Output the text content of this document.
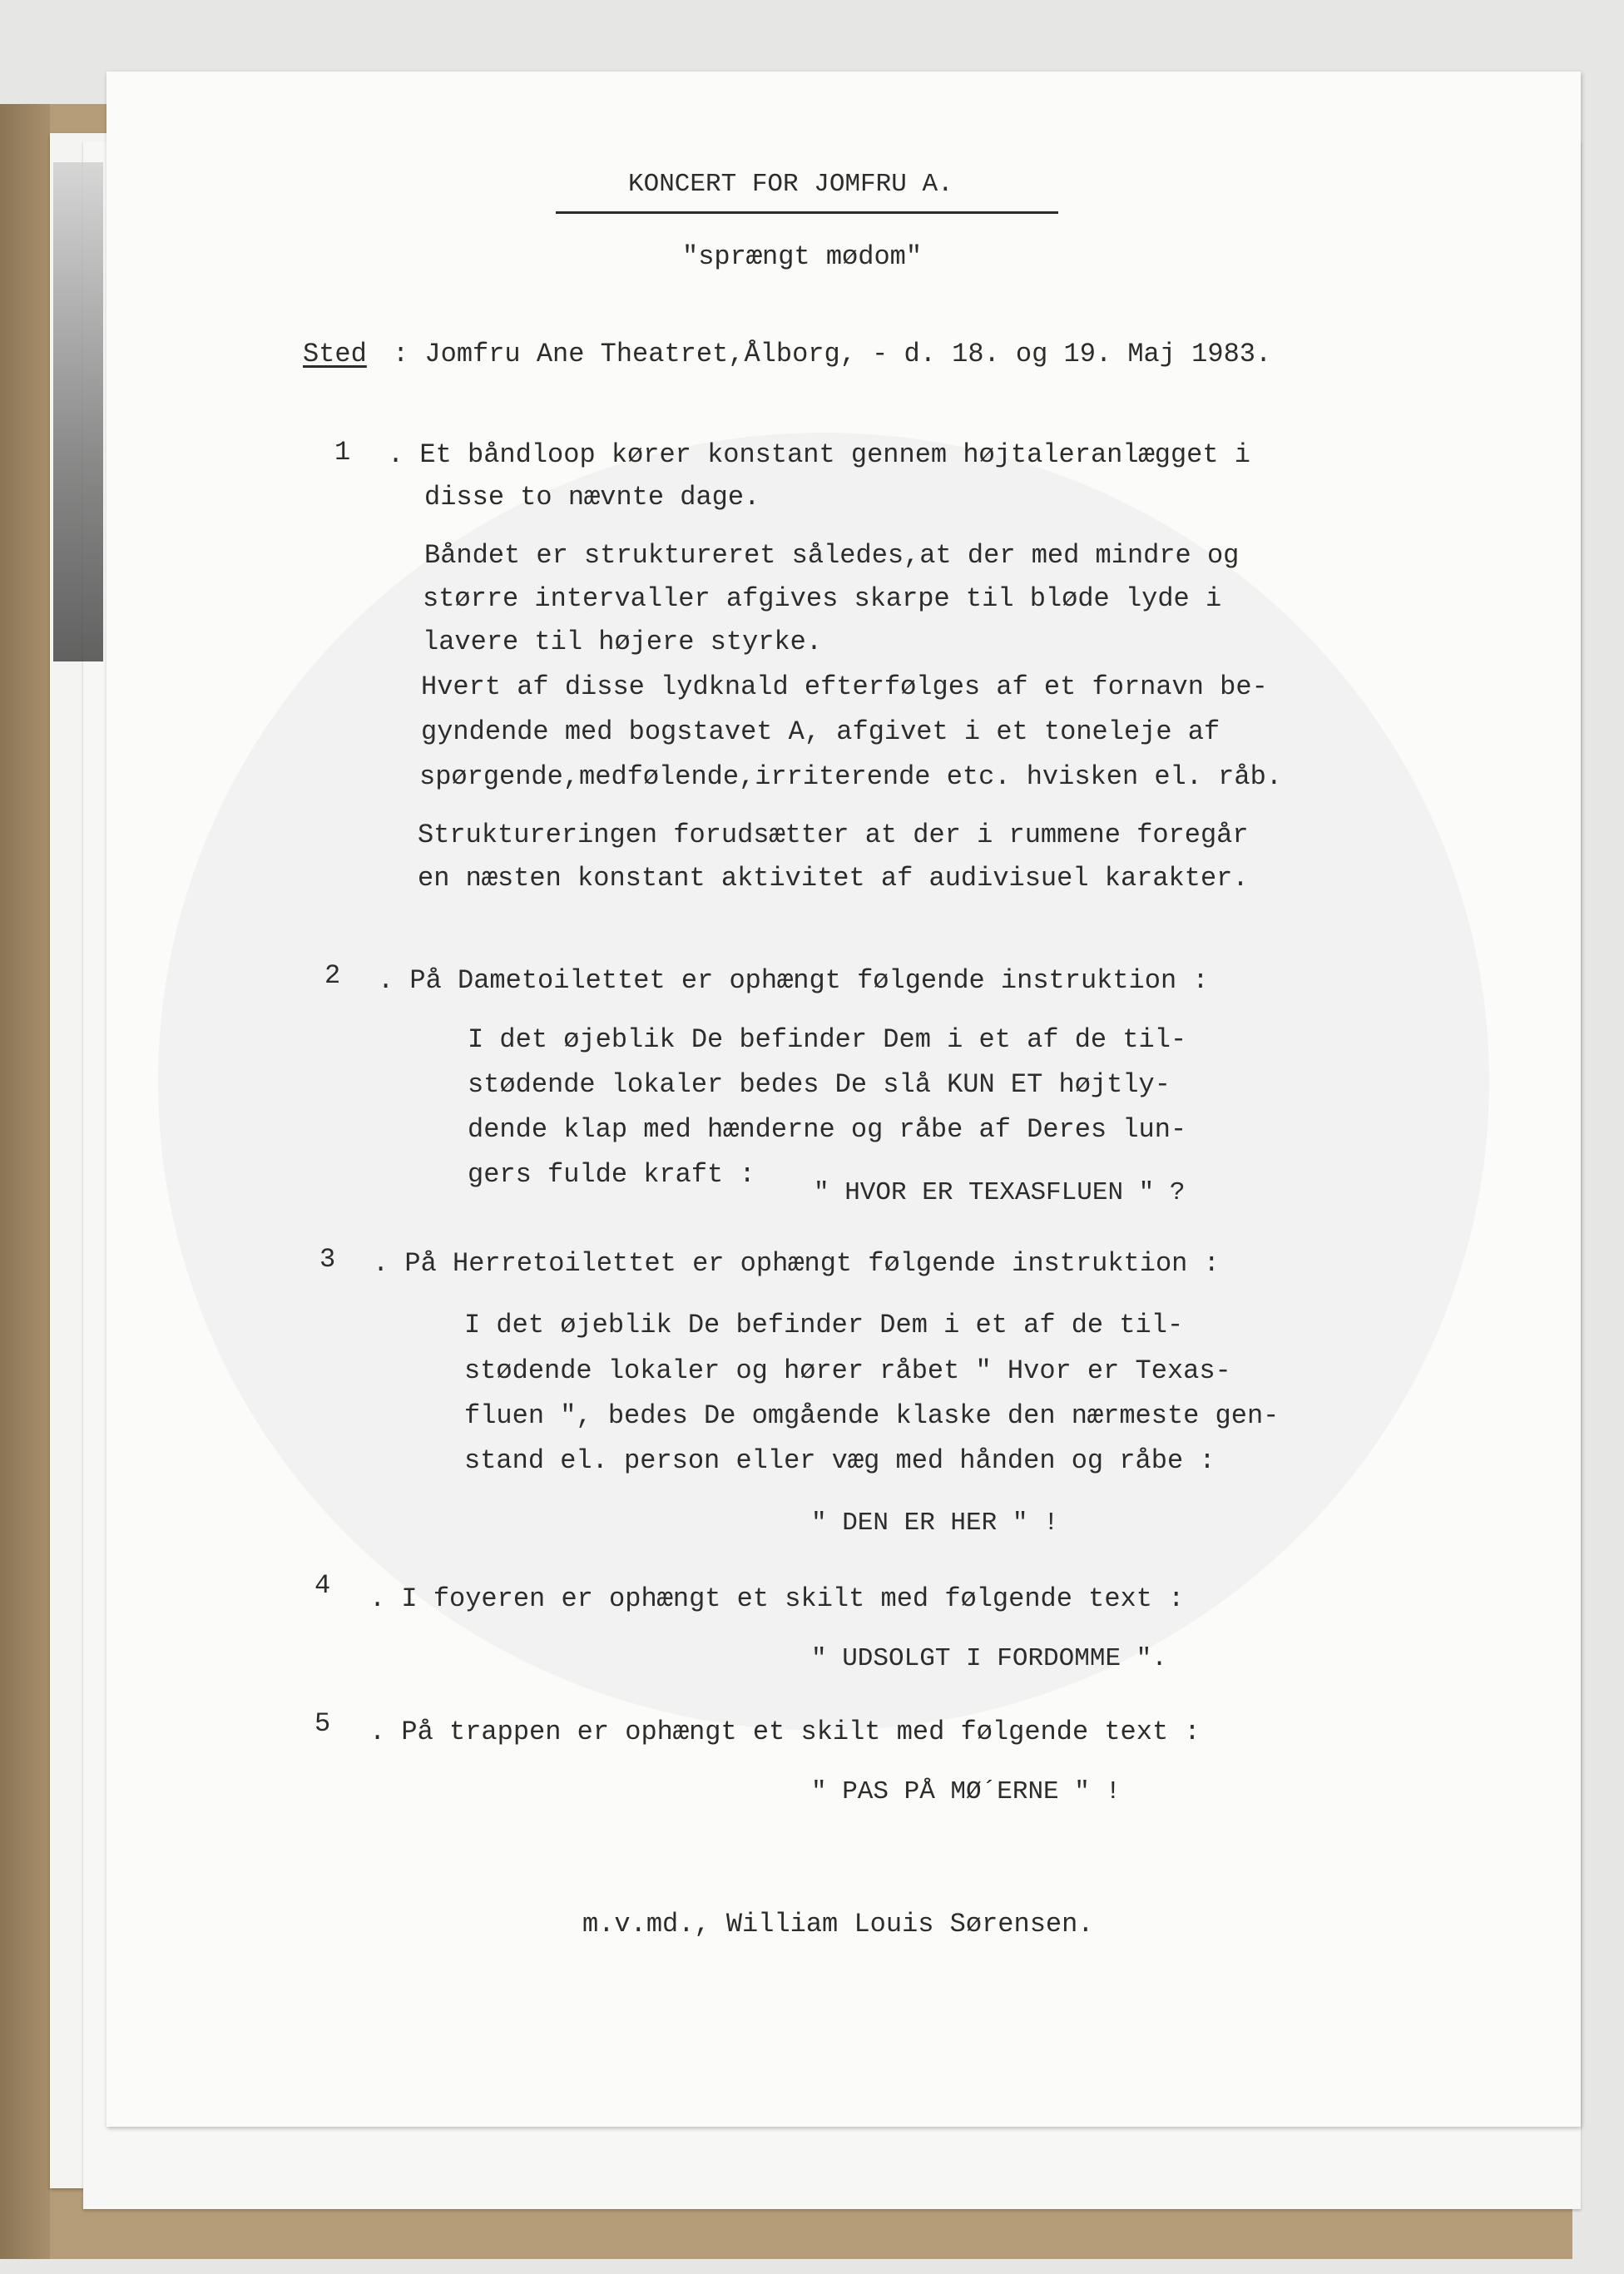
KONCERT FOR JOMFRU A.
"sprængt mødom"
Sted : Jomfru Ane Theatret,Ålborg, - d. 18. og 19. Maj 1983.
1 . Et båndloop kører konstant gennem højtaleranlægget i
disse to nævnte dage.
Båndet er struktureret således,at der med mindre og
større intervaller afgives skarpe til bløde lyde i
lavere til højere styrke.
Hvert af disse lydknald efterfølges af et fornavn be-
gyndende med bogstavet A, afgivet i et toneleje af
spørgende,medfølende,irriterende etc. hvisken el. råb.
Struktureringen forudsætter at der i rummene foregår
en næsten konstant aktivitet af audivisuel karakter.
2 . På Dametoilettet er ophængt følgende instruktion :
I det øjeblik De befinder Dem i et af de til-
stødende lokaler bedes De slå KUN ET højtly-
dende klap med hænderne og råbe af Deres lun-
gers fulde kraft :
" HVOR ER TEXASFLUEN " ?
3 . På Herretoilettet er ophængt følgende instruktion :
I det øjeblik De befinder Dem i et af de til-
stødende lokaler og hører råbet " Hvor er Texas-
fluen ", bedes De omgående klaske den nærmeste gen-
stand el. person eller væg med hånden og råbe :
" DEN ER HER " !
4 . I foyeren er ophængt et skilt med følgende text :
" UDSOLGT I FORDOMME ".
5 . På trappen er ophængt et skilt med følgende text :
" PAS PÅ MØ´ERNE " !
m.v.md., William Louis Sørensen.
